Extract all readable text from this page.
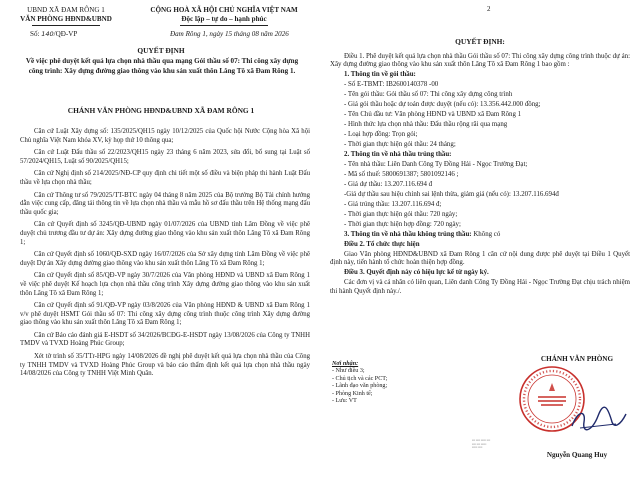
UBND XÃ ĐAM RÔNG 1
VĂN PHÒNG HĐND&UBND
CỘNG HOÀ XÃ HỘI CHỦ NGHĨA VIỆT NAM
Độc lập – tự do – hạnh phúc
Số: 140/QĐ-VP	Đam Rông 1, ngày 15 tháng 08 năm 2026
QUYẾT ĐỊNH
Về việc phê duyệt kết quả lựa chọn nhà thầu qua mạng Gói thầu số 07: Thi công xây dựng công trình: Xây dựng đường giao thông vào khu sản xuất thôn Lăng Tô xã Đam Rông 1.
CHÁNH VĂN PHÒNG HĐND&UBND XÃ ĐAM RÔNG 1

Căn cứ Luật Xây dựng số: 135/2025/QH15 ngày 10/12/2025 của Quốc hội Nước Cộng hòa Xã hội Chủ nghĩa Việt Nam khóa XV, kỳ họp thứ 10 thông qua;

Căn cứ Luật Đấu thầu số 22/2023/QH15 ngày 23 tháng 6 năm 2023, sửa đổi, bổ sung tại Luật số 57/2024/QH15, Luật số 90/2025/QH15;

Căn cứ Nghị định số 214/2025/NĐ-CP quy định chi tiết một số điều và biện pháp thi hành Luật Đấu thầu về lựa chọn nhà thầu;

Căn cứ Thông tư số 79/2025/TT-BTC ngày 04 tháng 8 năm 2025 của Bộ trưởng Bộ Tài chính hướng dẫn việc cung cấp, đăng tải thông tin về lựa chọn nhà thầu và mẫu hồ sơ đấu thầu trên Hệ thống mạng đấu thầu quốc gia;

Căn cứ Quyết định số 3245/QĐ-UBND ngày 01/07/2026 của UBND tỉnh Lâm Đồng về việc phê duyệt chủ trương đầu tư dự án: Xây dựng đường giao thông vào khu sản xuất thôn Lăng Tô xã Đam Rông 1;

Căn cứ Quyết định số 1060/QĐ-SXD ngày 16/07/2026 của Sở xây dựng tỉnh Lâm Đồng về việc phê duyệt Dự án Xây dựng đường giao thông vào khu sản xuất thôn Lăng Tô xã Đam Rông 1;

Căn cứ Quyết định số 85/QĐ-VP ngày 30/7/2026 của Văn phòng HĐND và UBND xã Đam Rông 1 về việc phê duyệt Kế hoạch lựa chọn nhà thầu công trình Xây dựng đường giao thông vào khu sản xuất thôn Lăng Tô xã Đam Rông 1;

Căn cứ Quyết định số 91/QĐ-VP ngày 03/8/2026 của Văn phòng HĐND & UBND xã Đam Rông 1 v/v phê duyệt HSMT Gói thầu số 07: Thi công xây dựng công trình thuộc công trình Xây dựng đường giao thông vào khu sản xuất thôn Lăng Tô xã Đam Rông 1;

Căn cứ Báo cáo đánh giá E-HSDT số 34/2026/BCĐG-E-HSDT ngày 13/08/2026 của Công ty TNHH TMDV và TVXD Hoàng Phúc Group;

Xét tờ trình số 35/TTr-HPG ngày 14/08/2026 đề nghị phê duyệt kết quả lựa chọn nhà thầu của Công ty TNHH TMDV và TVXD Hoàng Phúc Group và báo cáo thẩm định kết quả lựa chọn nhà thầu ngày 14/08/2026 của Công ty TNHH Việt Minh Quân.

2
QUYẾT ĐỊNH:

Điều 1. Phê duyệt kết quả lựa chọn nhà thầu Gói thầu số 07: Thi công xây dựng công trình thuộc dự án: Xây dựng đường giao thông vào khu sản xuất thôn Lăng Tô xã Đam Rông 1 bao gồm :

1. Thông tin về gói thầu:

- Số E-TBMT: IB2600140378 -00

- Tên gói thầu: Gói thầu số 07: Thi công xây dựng công trình

- Giá gói thầu hoặc dự toán được duyệt (nếu có): 13.356.442.000 đồng;

- Tên Chủ đầu tư: Văn phòng HĐND và UBND xã Đam Rông 1

- Hình thức lựa chọn nhà thầu: Đấu thầu rộng rãi qua mạng

- Loại hợp đồng: Trọn gói;

- Thời gian thực hiện gói thầu: 24 tháng;

2. Thông tin về nhà thầu trúng thầu:

- Tên nhà thầu: Liên Danh Công Ty Đồng Hải - Ngọc Trường Đạt;

- Mã số thuế: 5800691387; 5801092146 ;

- Giá dự thầu: 13.207.116.694 đ

-Giá dự thầu sau hiệu chỉnh sai lệnh thừa, giảm giá (nếu có): 13.207.116.694đ

- Giá trúng thầu: 13.207.116.694 đ;

- Thời gian thực hiện gói thầu: 720 ngày;

- Thời gian thực hiện hợp đồng: 720 ngày;

3. Thông tin về nhà thầu không trúng thầu: Không có

Điều 2. Tổ chức thực hiện

Giao Văn phòng HĐND&UBND xã Đam Rông 1 căn cứ nội dung được phê duyệt tại Điều 1 Quyết định này, tiến hành tổ chức hoàn thiện hợp đồng.

Điều 3. Quyết định này có hiệu lực kể từ ngày ký.

Các đơn vị và cá nhân có liên quan, Liên danh Công Ty Đồng Hải - Ngọc Trường Đạt chịu trách nhiệm thi hành Quyết định này./.

Nơi nhận:
- Như điều 3;
- Chủ tịch và các PCT;
- Lãnh đạo văn phòng;
- Phòng Kinh tế;
- Lưu: VT
▪▪▪ ▪▪▪▪ ▪▪▪▪▪ ▪▪▪
▪▪▪▪ ▪▪▪ ▪▪▪▪▪
▪▪▪▪▪ ▪▪▪▪
CHÁNH VĂN PHÒNG
Nguyễn Quang Huy
